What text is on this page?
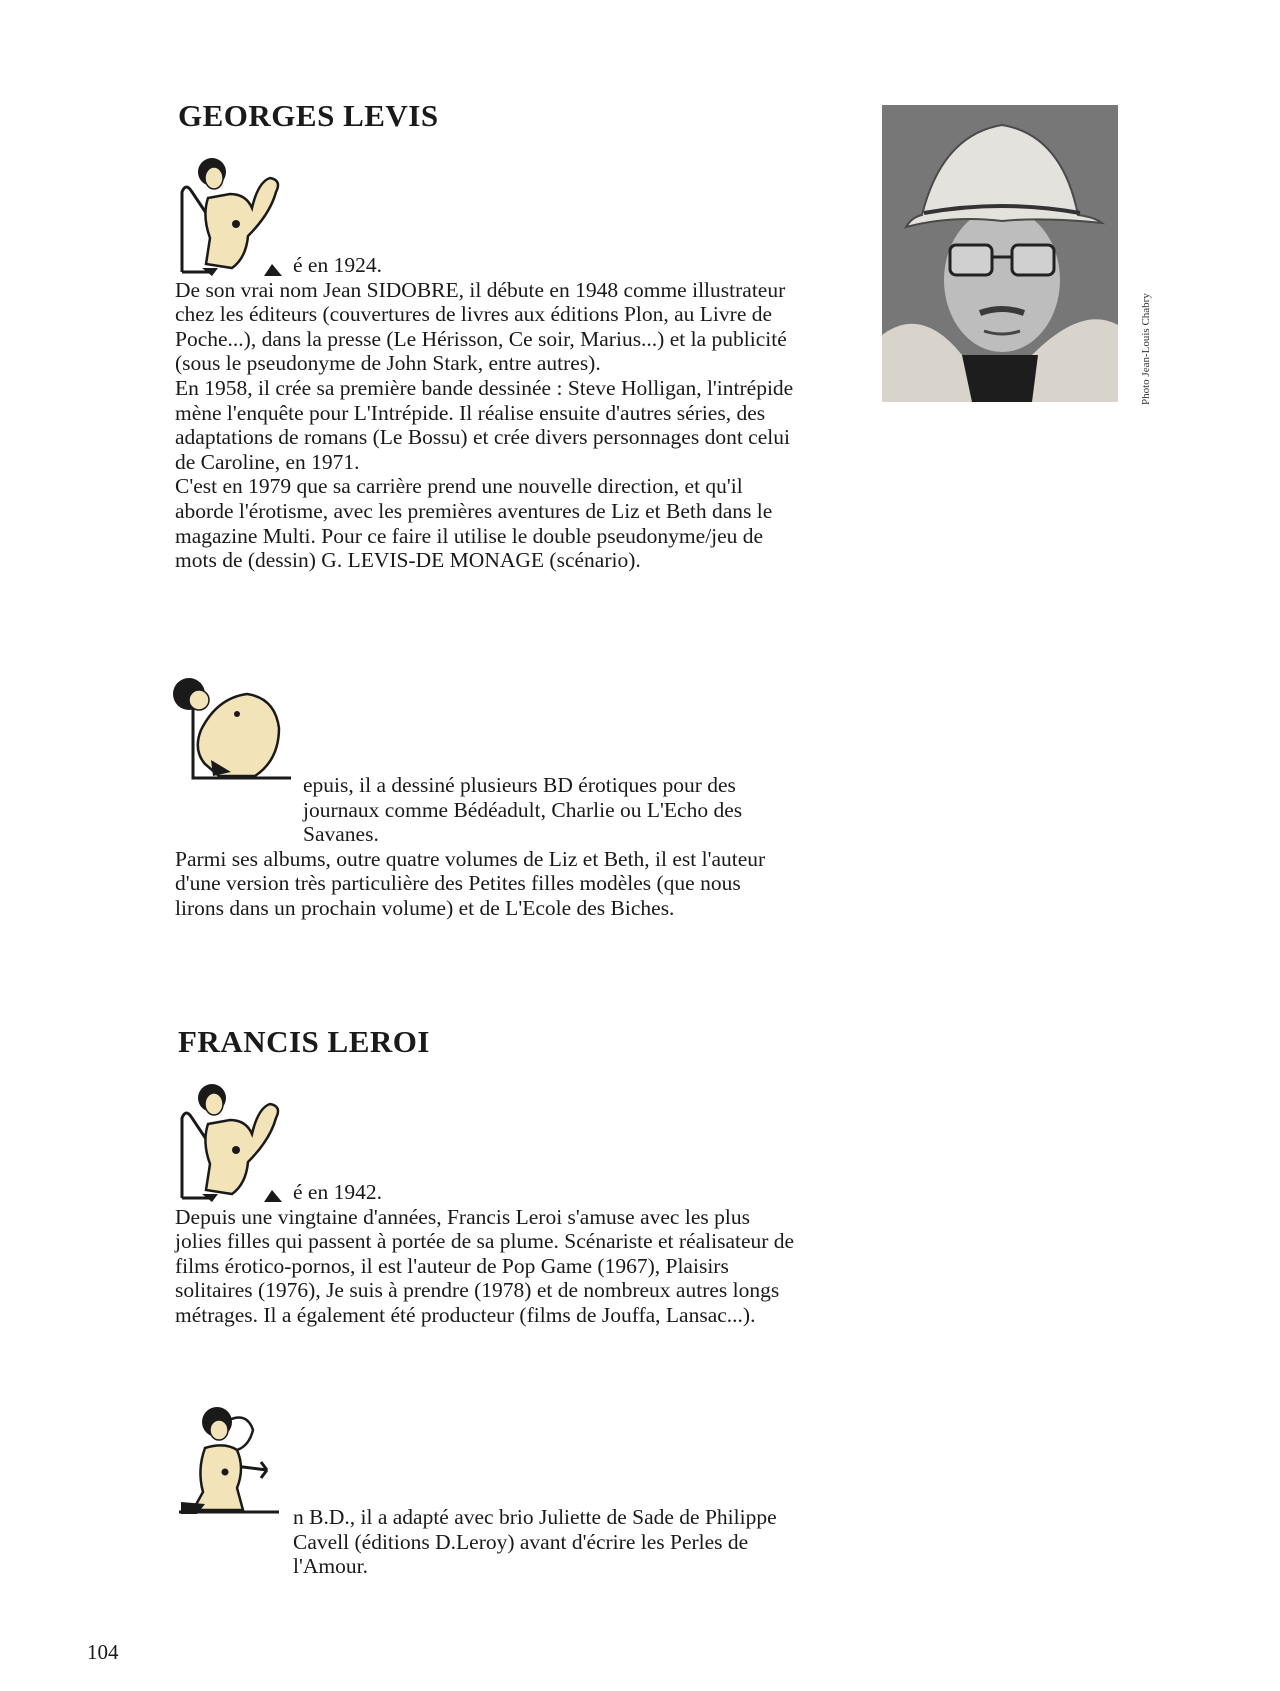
GEORGES LEVIS

é en 1924.

De son vrai nom Jean SIDOBRE, il débute en 1948 comme illustrateur chez les éditeurs (couvertures de livres aux éditions Plon, au Livre de Poche...), dans la presse (Le Hérisson, Ce soir, Marius...) et la publicité (sous le pseudonyme de John Stark, entre autres).

En 1958, il crée sa première bande dessinée : Steve Holligan, l'intrépide mène l'enquête pour L'Intrépide. Il réalise ensuite d'autres séries, des adaptations de romans (Le Bossu) et crée divers personnages dont celui de Caroline, en 1971.

C'est en 1979 que sa carrière prend une nouvelle direction, et qu'il aborde l'érotisme, avec les premières aventures de Liz et Beth dans le magazine Multi. Pour ce faire il utilise le double pseudonyme/jeu de mots de (dessin) G. LEVIS-DE MONAGE (scénario).

epuis, il a dessiné plusieurs BD érotiques pour des journaux comme Bédéadult, Charlie ou L'Echo des Savanes.

Parmi ses albums, outre quatre volumes de Liz et Beth, il est l'auteur d'une version très particulière des Petites filles modèles (que nous lirons dans un prochain volume) et de L'Ecole des Biches.

Photo Jean-Louis Chabry
FRANCIS LEROI

é en 1942.

Depuis une vingtaine d'années, Francis Leroi s'amuse avec les plus jolies filles qui passent à portée de sa plume. Scénariste et réalisateur de films érotico-pornos, il est l'auteur de Pop Game (1967), Plaisirs solitaires (1976), Je suis à prendre (1978) et de nombreux autres longs métrages. Il a également été producteur (films de Jouffa, Lansac...).

n B.D., il a adapté avec brio Juliette de Sade de Philippe Cavell (éditions D.Leroy) avant d'écrire les Perles de l'Amour.

104
